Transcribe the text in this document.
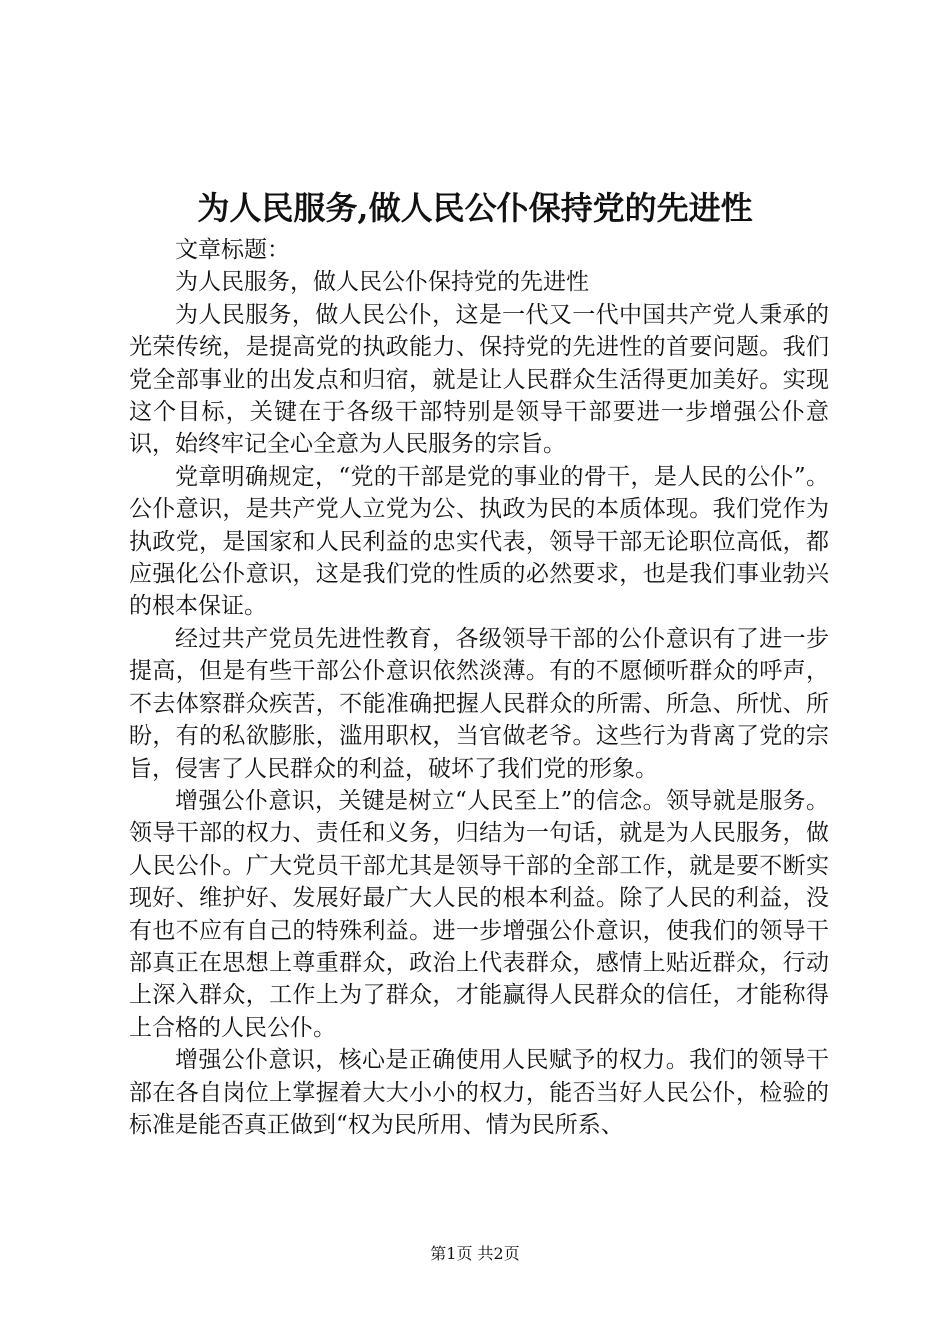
为人民服务,做人民公仆保持党的先进性

文章标题：

为人民服务，做人民公仆保持党的先进性

为人民服务，做人民公仆，这是一代又一代中国共产党人秉承的光荣传统，是提高党的执政能力、保持党的先进性的首要问题。我们党全部事业的出发点和归宿，就是让人民群众生活得更加美好。实现这个目标，关键在于各级干部特别是领导干部要进一步增强公仆意识，始终牢记全心全意为人民服务的宗旨。

党章明确规定，“党的干部是党的事业的骨干，是人民的公仆”。公仆意识，是共产党人立党为公、执政为民的本质体现。我们党作为执政党，是国家和人民利益的忠实代表，领导干部无论职位高低，都应强化公仆意识，这是我们党的性质的必然要求，也是我们事业勃兴的根本保证。

经过共产党员先进性教育，各级领导干部的公仆意识有了进一步提高，但是有些干部公仆意识依然淡薄。有的不愿倾听群众的呼声，不去体察群众疾苦，不能准确把握人民群众的所需、所急、所忧、所盼，有的私欲膨胀，滥用职权，当官做老爷。这些行为背离了党的宗旨，侵害了人民群众的利益，破坏了我们党的形象。

增强公仆意识，关键是树立“人民至上”的信念。领导就是服务。领导干部的权力、责任和义务，归结为一句话，就是为人民服务，做人民公仆。广大党员干部尤其是领导干部的全部工作，就是要不断实现好、维护好、发展好最广大人民的根本利益。除了人民的利益，没有也不应有自己的特殊利益。进一步增强公仆意识，使我们的领导干部真正在思想上尊重群众，政治上代表群众，感情上贴近群众，行动上深入群众，工作上为了群众，才能赢得人民群众的信任，才能称得上合格的人民公仆。

增强公仆意识，核心是正确使用人民赋予的权力。我们的领导干部在各自岗位上掌握着大大小小的权力，能否当好人民公仆，检验的标准是能否真正做到“权为民所用、情为民所系、

第1页 共2页
